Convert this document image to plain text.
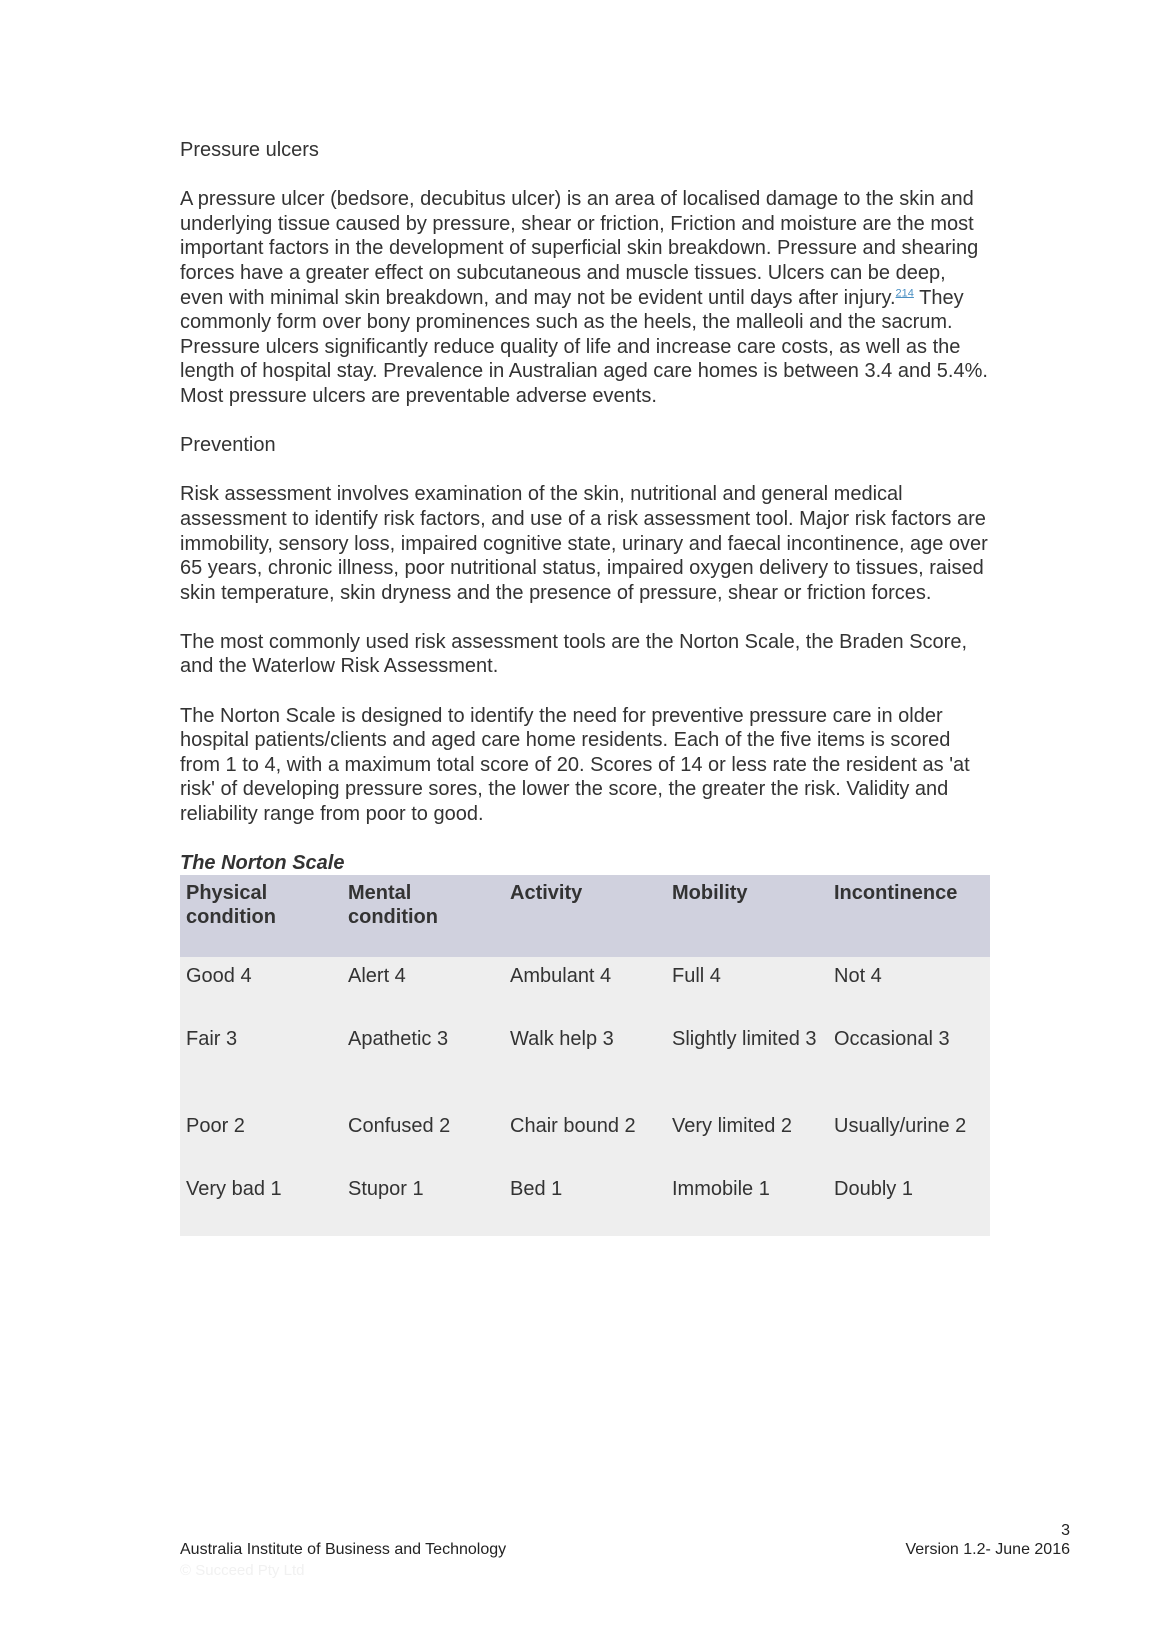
Pressure ulcers

A pressure ulcer (bedsore, decubitus ulcer) is an area of localised damage to the skin and underlying tissue caused by pressure, shear or friction, Friction and moisture are the most important factors in the development of superficial skin breakdown. Pressure and shearing forces have a greater effect on subcutaneous and muscle tissues. Ulcers can be deep, even with minimal skin breakdown, and may not be evident until days after injury.$^{214}$ They commonly form over bony prominences such as the heels, the malleoli and the sacrum. Pressure ulcers significantly reduce quality of life and increase care costs, as well as the length of hospital stay. Prevalence in Australian aged care homes is between 3.4 and 5.4%. Most pressure ulcers are preventable adverse events.

Prevention

Risk assessment involves examination of the skin, nutritional and general medical assessment to identify risk factors, and use of a risk assessment tool. Major risk factors are immobility, sensory loss, impaired cognitive state, urinary and faecal incontinence, age over 65 years, chronic illness, poor nutritional status, impaired oxygen delivery to tissues, raised skin temperature, skin dryness and the presence of pressure, shear or friction forces.

The most commonly used risk assessment tools are the Norton Scale, the Braden Score, and the Waterlow Risk Assessment.

The Norton Scale is designed to identify the need for preventive pressure care in older hospital patients/clients and aged care home residents. Each of the five items is scored from 1 to 4, with a maximum total score of 20. Scores of 14 or less rate the resident as 'at risk' of developing pressure sores, the lower the score, the greater the risk. Validity and reliability range from poor to good.

The Norton Scale
Physical condition	Mental condition	Activity	Mobility	Incontinence
Good 4	Alert 4	Ambulant 4	Full 4	Not 4
Fair 3	Apathetic 3	Walk help 3	Slightly limited 3	Occasional 3
Poor 2	Confused 2	Chair bound 2	Very limited 2	Usually/urine 2
Very bad 1	Stupor 1	Bed 1	Immobile 1	Doubly 1
3
Australia Institute of Business and Technology	Version 1.2- June 2016
© Succeed Pty Ltd
